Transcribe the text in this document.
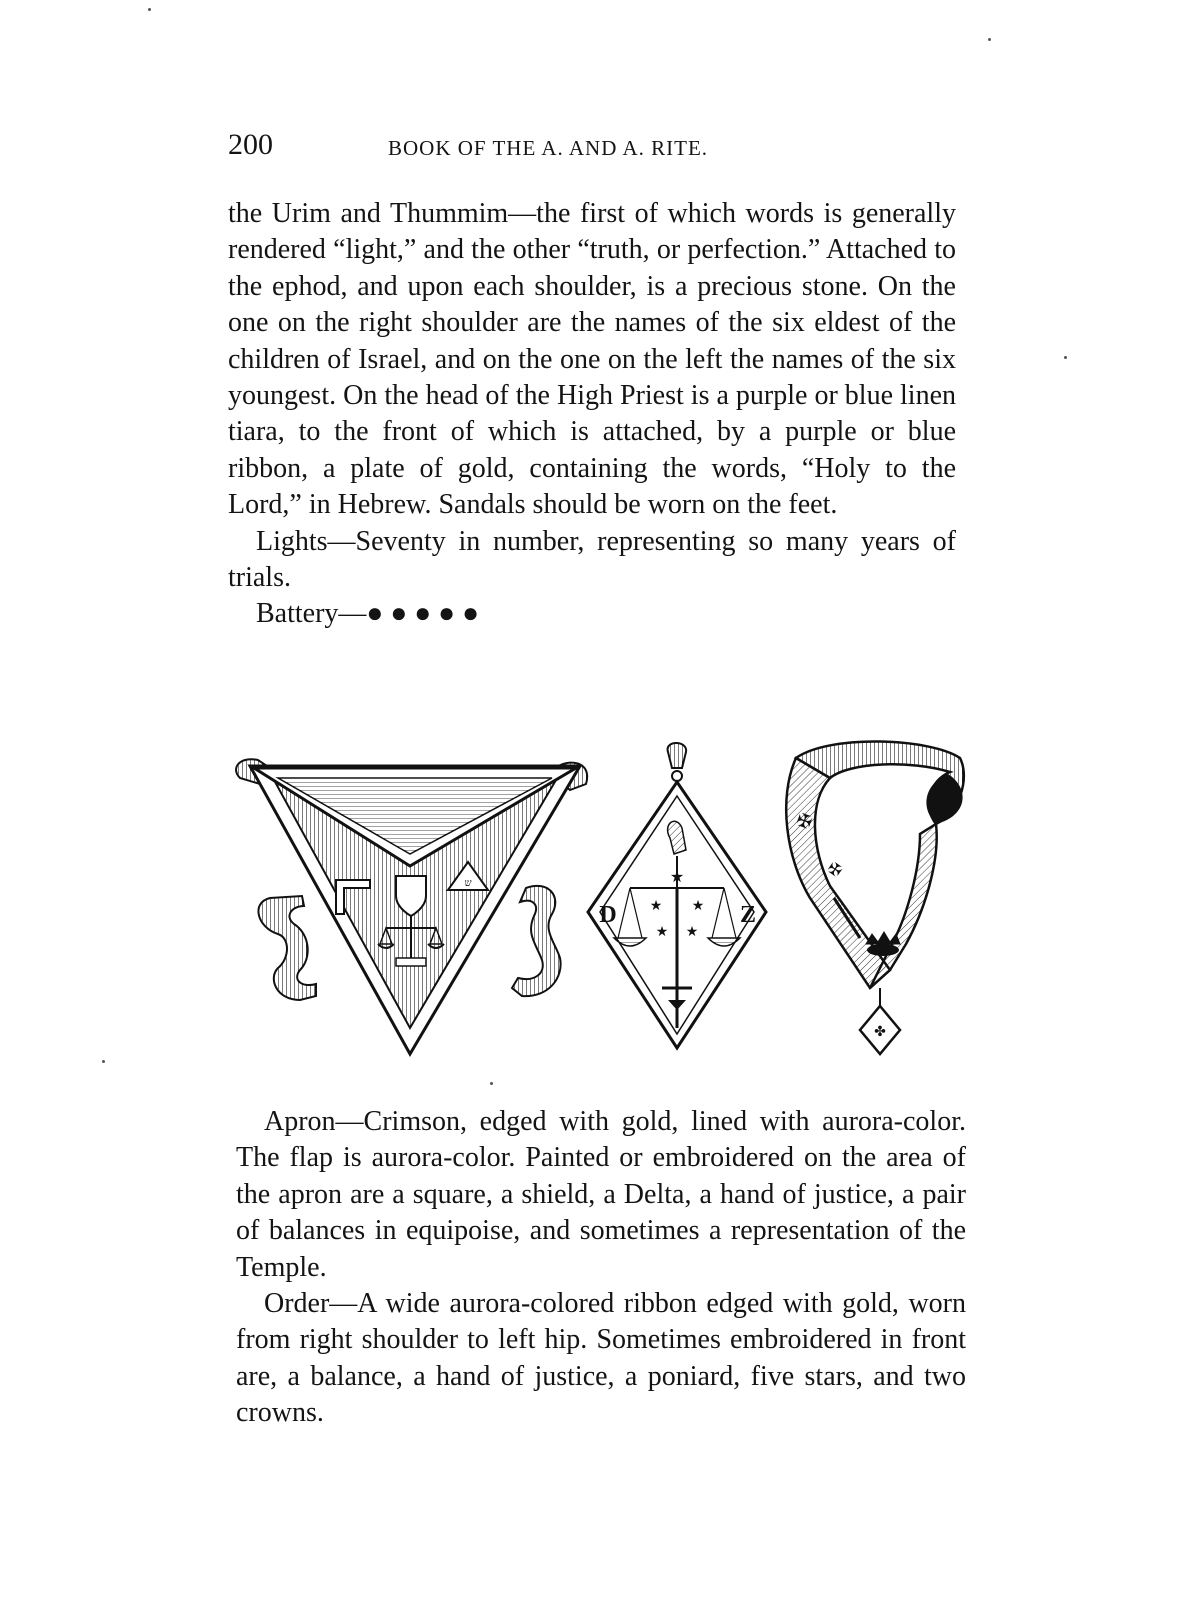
200	BOOK OF THE A. AND A. RITE.

the Urim and Thummim—the first of which words is generally rendered “light,” and the other “truth, or perfection.” Attached to the ephod, and upon each shoulder, is a precious stone. On the one on the right shoulder are the names of the six eldest of the children of Israel, and on the one on the left the names of the six youngest. On the head of the High Priest is a purple or blue linen tiara, to the front of which is attached, by a purple or blue ribbon, a plate of gold, containing the words, “Holy to the Lord,” in Hebrew. Sandals should be worn on the feet.

Lights—Seventy in number, representing so many years of trials.

Battery—● ● ● ● ●

ש	★
★ ★
★ ★
D	Z
✠
✠
✤

Apron—Crimson, edged with gold, lined with aurora-color. The flap is aurora-color. Painted or embroidered on the area of the apron are a square, a shield, a Delta, a hand of justice, a pair of balances in equipoise, and sometimes a representation of the Temple.

Order—A wide aurora-colored ribbon edged with gold, worn from right shoulder to left hip. Sometimes embroidered in front are, a balance, a hand of justice, a poniard, five stars, and two crowns.
